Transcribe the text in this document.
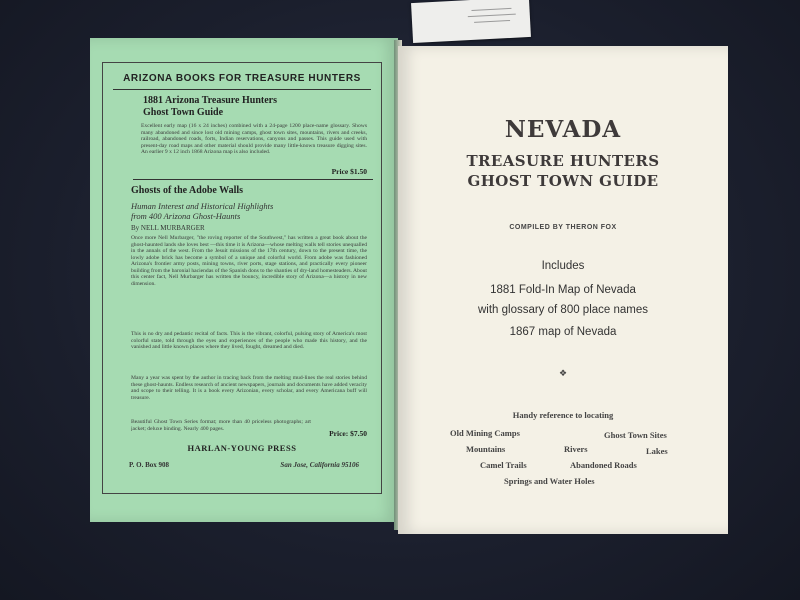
ARIZONA BOOKS FOR TREASURE HUNTERS
1881 Arizona Treasure Hunters
Ghost Town Guide
Excellent early map (16 x 24 inches) combined with a 24-page 1200 place-name glossary. Shows many abandoned and since lost old mining camps, ghost town sites, mountains, rivers and creeks, railroad, abandoned roads, forts, Indian reservations, canyons and passes. This guide used with present-day road maps and other material should provide many little-known treasure digging sites. An earlier 9 x 12 inch 1868 Arizona map is also included.
Price $1.50
Ghosts of the Adobe Walls
Human Interest and Historical Highlights
from 400 Arizona Ghost-Haunts
By NELL MURBARGER
Once more Nell Murbarger, "the roving reporter of the Southwest," has written a great book about the ghost-haunted lands she loves best —this time it is Arizona—whose melting walls tell stories unequalled in the annals of the west. From the Jesuit missions of the 17th century, down to the present time, the lowly adobe brick has become a symbol of a unique and colorful world. From adobe was fashioned Arizona's frontier army posts, mining towns, river ports, stage stations, and practically every pioneer building from the baronial haciendas of the Spanish dons to the shanties of dry-land homesteaders. About this center fact, Nell Murbarger has written the bouncy, incredible story of Arizona—a history in new dimension.
This is no dry and pedantic recital of facts. This is the vibrant, colorful, pulsing story of America's most colorful state, told through the eyes and experiences of the people who made this history, and the vanished and little known places where they lived, fought, dreamed and died.
Many a year was spent by the author in tracing back from the melting mud-lines the real stories behind these ghost-haunts. Endless research of ancient newspapers, journals and documents have added veracity and scope to their telling. It is a book every Arizonian, every scholar, and every Americana buff will treasure.
Beautiful Ghost Town Series format; more than 40 priceless photographs; art jacket; deluxe binding. Nearly 400 pages.
Price: $7.50
HARLAN-YOUNG PRESS
P. O. Box 908	San Jose, California 95106
NEVADA
TREASURE HUNTERS
GHOST TOWN GUIDE
COMPILED BY THERON FOX
Includes
1881 Fold-In Map of Nevada
with glossary of 800 place names
1867 map of Nevada
❖
Handy reference to locating
Old Mining Camps	Ghost Town Sites
Mountains	Rivers	Lakes
Camel Trails	Abandoned Roads
Springs and Water Holes
